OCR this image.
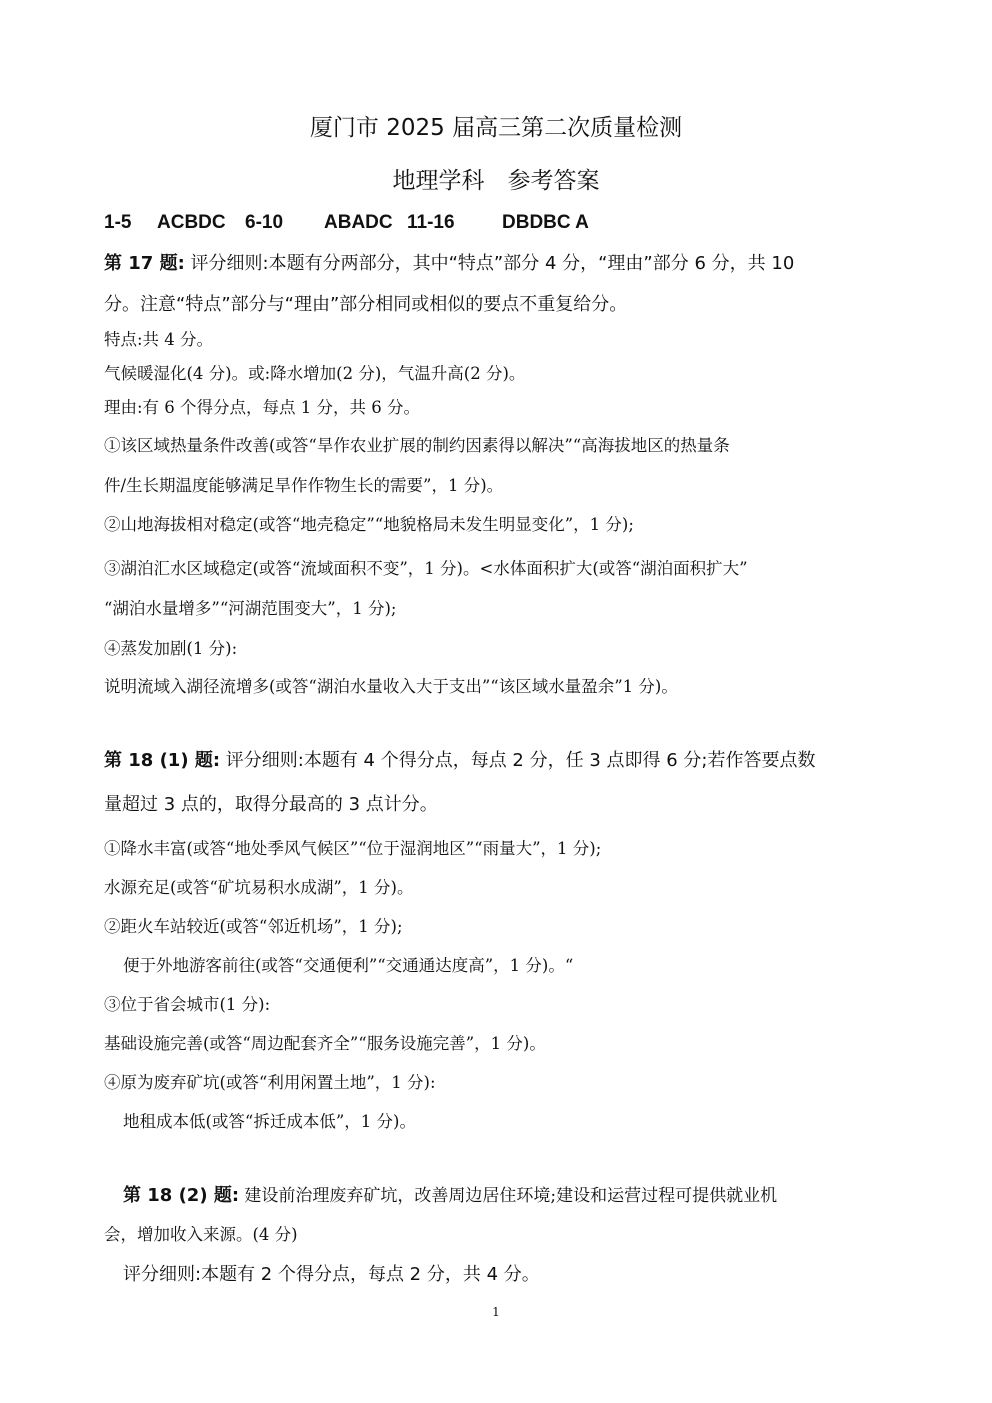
厦门市 2025 届高三第二次质量检测
地理学科　参考答案
1-5 ACBDC 6-10 ABADC 11-16 DBDBC A
第 17 题: 评分细则:本题有分两部分，其中“特点”部分 4 分，“理由”部分 6 分，共 10
分。注意“特点”部分与“理由”部分相同或相似的要点不重复给分。
特点:共 4 分。
气候暖湿化(4 分)。或:降水增加(2 分)，气温升高(2 分)。
理由:有 6 个得分点，每点 1 分，共 6 分。
①该区域热量条件改善(或答“旱作农业扩展的制约因素得以解决”“高海拔地区的热量条
件/生长期温度能够满足旱作作物生长的需要”，1 分)。
②山地海拔相对稳定(或答“地壳稳定”“地貌格局未发生明显变化”，1 分);
③湖泊汇水区域稳定(或答“流域面积不变”，1 分)。<水体面积扩大(或答“湖泊面积扩大”
“湖泊水量增多”“河湖范围变大”，1 分);
④蒸发加剧(1 分):
说明流域入湖径流增多(或答“湖泊水量收入大于支出”“该区域水量盈余”1 分)。
第 18 (1) 题: 评分细则:本题有 4 个得分点，每点 2 分，任 3 点即得 6 分;若作答要点数
量超过 3 点的，取得分最高的 3 点计分。
①降水丰富(或答“地处季风气候区”“位于湿润地区”“雨量大”，1 分);
水源充足(或答“矿坑易积水成湖”，1 分)。
②距火车站较近(或答“邻近机场”，1 分);
便于外地游客前往(或答“交通便利”“交通通达度高”，1 分)。“
③位于省会城市(1 分):
基础设施完善(或答“周边配套齐全”“服务设施完善”，1 分)。
④原为废弃矿坑(或答“利用闲置土地”，1 分):
地租成本低(或答“拆迁成本低”，1 分)。
第 18 (2) 题: 建设前治理废弃矿坑，改善周边居住环境;建设和运营过程可提供就业机
会，增加收入来源。(4 分)
评分细则:本题有 2 个得分点，每点 2 分，共 4 分。
1
